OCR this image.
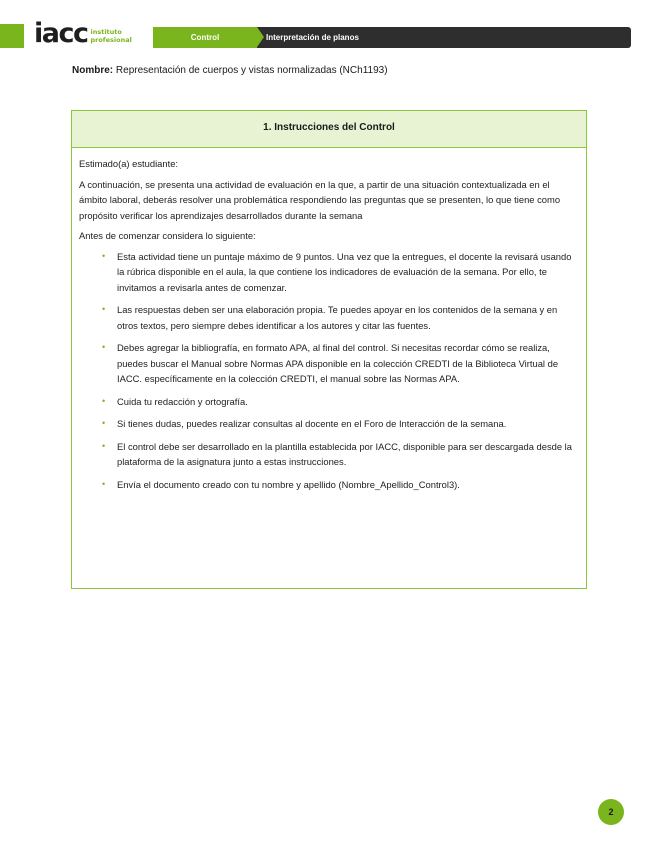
iacc instituto
profesional	Control	Interpretación de planos
Nombre: Representación de cuerpos y vistas normalizadas (NCh1193)
1. Instrucciones del Control

Estimado(a) estudiante:

A continuación, se presenta una actividad de evaluación en la que, a partir de una situación contextualizada en el ámbito laboral, deberás resolver una problemática respondiendo las preguntas que se presenten, lo que tiene como propósito verificar los aprendizajes desarrollados durante la semana

Antes de comenzar considera lo siguiente:

• Esta actividad tiene un puntaje máximo de 9 puntos. Una vez que la entregues, el docente la revisará usando la rúbrica disponible en el aula, la que contiene los indicadores de evaluación de la semana. Por ello, te invitamos a revisarla antes de comenzar.
• Las respuestas deben ser una elaboración propia. Te puedes apoyar en los contenidos de la semana y en otros textos, pero siempre debes identificar a los autores y citar las fuentes.
• Debes agregar la bibliografía, en formato APA, al final del control. Si necesitas recordar cómo se realiza, puedes buscar el Manual sobre Normas APA disponible en la colección CREDTI de la Biblioteca Virtual de IACC. específicamente en la colección CREDTI, el manual sobre las Normas APA.
• Cuida tu redacción y ortografía.
• Si tienes dudas, puedes realizar consultas al docente en el Foro de Interacción de la semana.
• El control debe ser desarrollado en la plantilla establecida por IACC, disponible para ser descargada desde la plataforma de la asignatura junto a estas instrucciones.
• Envía el documento creado con tu nombre y apellido (Nombre_Apellido_Control3).
2
